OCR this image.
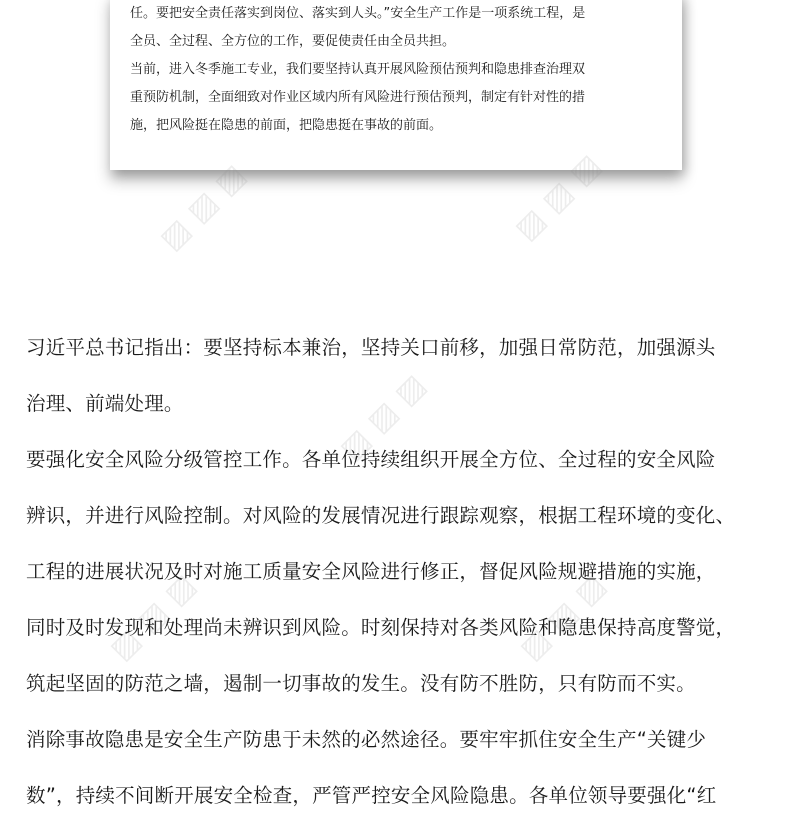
任。要把安全责任落实到岗位、落实到人头。”安全生产工作是一项系统工程，是

全员、全过程、全方位的工作，要促使责任由全员共担。

当前，进入冬季施工专业，我们要坚持认真开展风险预估预判和隐患排查治理双

重预防机制，全面细致对作业区域内所有风险进行预估预判，制定有针对性的措

施，把风险挺在隐患的前面，把隐患挺在事故的前面。

习近平总书记指出：要坚持标本兼治，坚持关口前移，加强日常防范，加强源头

治理、前端处理。

要强化安全风险分级管控工作。各单位持续组织开展全方位、全过程的安全风险

辨识，并进行风险控制。对风险的发展情况进行跟踪观察，根据工程环境的变化、

工程的进展状况及时对施工质量安全风险进行修正，督促风险规避措施的实施，

同时及时发现和处理尚未辨识到风险。时刻保持对各类风险和隐患保持高度警觉，

筑起坚固的防范之墙，遏制一切事故的发生。没有防不胜防，只有防而不实。

消除事故隐患是安全生产防患于未然的必然途径。要牢牢抓住安全生产“关键少

数”，持续不间断开展安全检查，严管严控安全风险隐患。各单位领导要强化“红

▨ ▨ ▨	▨ ▨ ▨
▨ ▨ ▨
▨ ▨ ▨	▨ ▨ ▨
